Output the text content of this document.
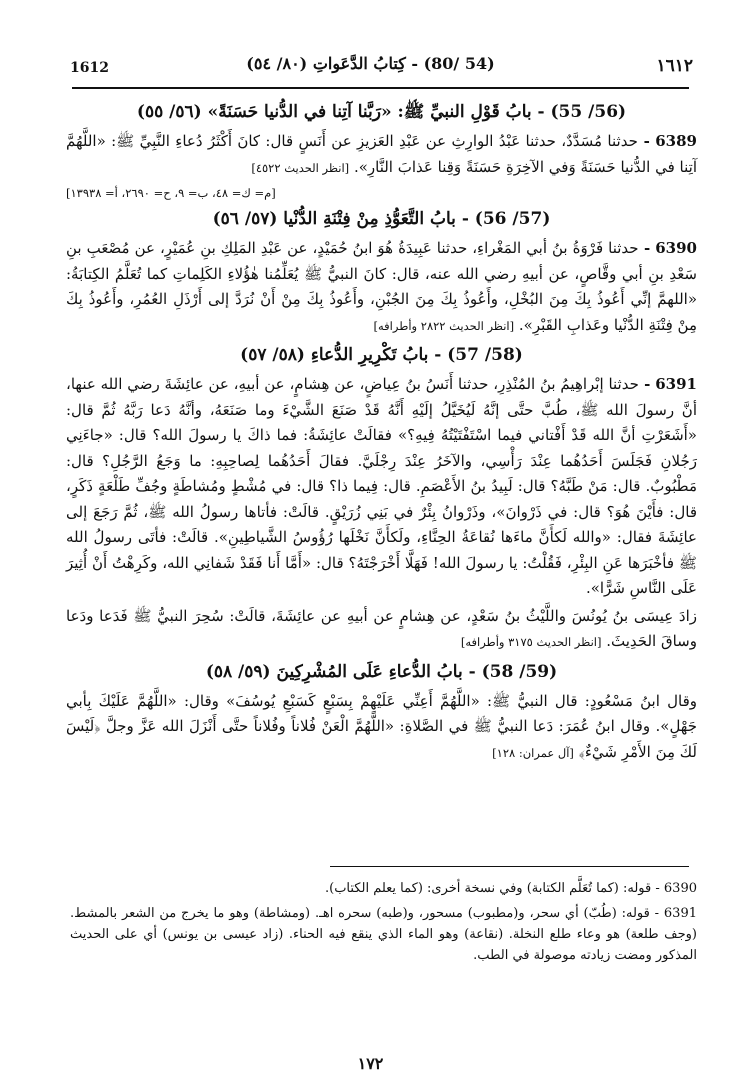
1612	(54 /80) - كِتابُ الدَّعَواتِ (٨٠/ ٥٤)	١٦١٢
(56/ 55) - بابُ قَوْلِ النبيِّ ﷺ: «رَبَّنا آتِنا في الدُّنيا حَسَنَةً» (٥٦/ ٥٥)

6389 - حدثنا مُسَدَّدٌ، حدثنا عَبْدُ الوارِثِ عن عَبْدِ العَزيزِ عن أَنَسٍ قال: كانَ أَكْثَرُ دُعاءِ النَّبِيِّ ﷺ: «اللَّهُمَّ آتِنا في الدُّنيا حَسَنَةً وَفي الآخِرَةِ حَسَنَةً وَقِنا عَذابَ النَّارِ». [انظر الحديث ٤٥٢٢]

[م= ك= ٤٨، ب= ٩، ح= ٢٦٩٠، أ= ١٣٩٣٨]
(57/ 56) - بابُ التَّعَوُّذِ مِنْ فِتْنَةِ الدُّنْيا (٥٧/ ٥٦)

6390 - حدثنا فَرْوَةُ بنُ أبي المَغْراءِ، حدثنا عَبِيدَةُ هُوَ ابنُ حُمَيْدٍ، عن عَبْدِ المَلِكِ بنِ عُمَيْرٍ، عن مُصْعَبِ بنِ سَعْدِ بنِ أبي وقَّاصٍ، عن أبيهِ رضي الله عنه، قال: كانَ النبيُّ ﷺ يُعَلِّمُنا هٰؤُلاءِ الكَلِماتِ كما تُعَلَّمُ الكِتابَةُ: «اللهمَّ إنِّي أَعُوذُ بِكَ مِنَ البُخْلِ، وأَعُوذُ بِكَ مِنَ الجُبْنِ، وأَعُوذُ بِكَ مِنْ أَنْ نُرَدَّ إلى أَرْذَلِ العُمُرِ، وأَعُوذُ بِكَ مِنْ فِتْنَةِ الدُّنْيا وعَذابِ القَبْرِ». [انظر الحديث ٢٨٢٢ وأطرافه]

(58/ 57) - بابُ تَكْرِيرِ الدُّعاءِ (٥٨/ ٥٧)

6391 - حدثنا إبْراهِيمُ بنُ المُنْذِرِ، حدثنا أَنَسُ بنُ عِياضٍ، عن هِشامٍ، عن أبيهِ، عن عائِشَةَ رضي الله عنها، أنَّ رسولَ الله ﷺ، طُبَّ حتَّى إنَّهُ لَيُخَيَّلُ إلَيْهِ أَنَّهُ قَدْ صَنَعَ الشَّيْءَ وما صَنَعَهُ، وأنَّهُ دَعا رَبَّهُ ثُمَّ قال: «أَشَعَرْتِ أنَّ الله قَدْ أَفْتاني فيما اسْتَفْتَيْتُهُ فِيهِ؟» فقالَتْ عائِشَةُ: فما ذاكَ يا رسولَ الله؟ قال: «جاءَنِي رَجُلانِ فَجَلَسَ أَحَدُهُما عِنْدَ رَأْسِي، والآخَرُ عِنْدَ رِجْلَيَّ. فقالَ أَحَدُهُما لِصاحِبِهِ: ما وَجَعُ الرَّجُلِ؟ قال: مَطْبُوبٌ. قال: مَنْ طَبَّهُ؟ قال: لَبِيدُ بنُ الأَعْصَمِ. قال: فِيما ذا؟ قال: في مُشْطٍ ومُشاطَةٍ وجُفِّ طَلْعَةٍ ذَكَرٍ، قال: فأَيْنَ هُوَ؟ قال: في ذَرْوانَ»، وذَرْوانُ بِئْرٌ في بَنِي زُرَيْقٍ. قالَتْ: فأتاها رسولُ الله ﷺ، ثُمَّ رَجَعَ إلى عائِشَةَ فقال: «والله لَكأَنَّ ماءَها نُقاعَةُ الحِنَّاءِ، ولَكأَنَّ نَخْلَها رُؤُوسُ الشَّياطِينِ». قالَتْ: فأتَى رسولُ الله ﷺ فأخْبَرَها عَنِ البِئْرِ، فَقُلْتُ: يا رسولَ الله! فَهَلَّا أَخْرَجْتَهُ؟ قال: «أَمَّا أَنا فَقَدْ شَفانِي الله، وكَرِهْتُ أَنْ أُثِيرَ عَلَى النَّاسِ شَرًّا».

زادَ عِيسَى بنُ يُونُسَ واللَّيْثُ بنُ سَعْدٍ، عن هِشامٍ عن أبيهِ عن عائِشَةَ، قالَتْ: سُحِرَ النبيُّ ﷺ فَدَعا ودَعا وساقَ الحَدِيثَ. [انظر الحديث ٣١٧٥ وأطرافه]

(59/ 58) - بابُ الدُّعاءِ عَلَى المُشْرِكِينَ (٥٩/ ٥٨)

وقال ابنُ مَسْعُودٍ: قال النبيُّ ﷺ: «اللَّهُمَّ أَعِنِّي عَلَيْهِمْ بِسَبْعٍ كَسَبْعِ يُوسُفَ» وقال: «اللَّهُمَّ عَلَيْكَ بِأبي جَهْلٍ». وقال ابنُ عُمَرَ: دَعا النبيُّ ﷺ في الصَّلاةِ: «اللَّهُمَّ الْعَنْ فُلاناً وفُلاناً حتَّى أَنْزَلَ الله عَزَّ وجلَّ ﴿لَيْسَ لَكَ مِنَ الأَمْرِ شَيْءٌ﴾ [آل عمران: ١٢٨]

6390 - قوله: (كما تُعَلَّم الكتابة) وفي نسخة أخرى: (كما يعلم الكتاب).

6391 - قوله: (طُبّ) أي سحر، و(مطبوب) مسحور، و(طبه) سحره اهـ. (ومشاطة) وهو ما يخرج من الشعر بالمشط. (وجف طلعة) هو وعاء طلع النخلة. (نقاعة) وهو الماء الذي ينقع فيه الحناء. (زاد عيسى بن يونس) أي على الحديث المذكور ومضت زيادته موصولة في الطب.

١٧٢
